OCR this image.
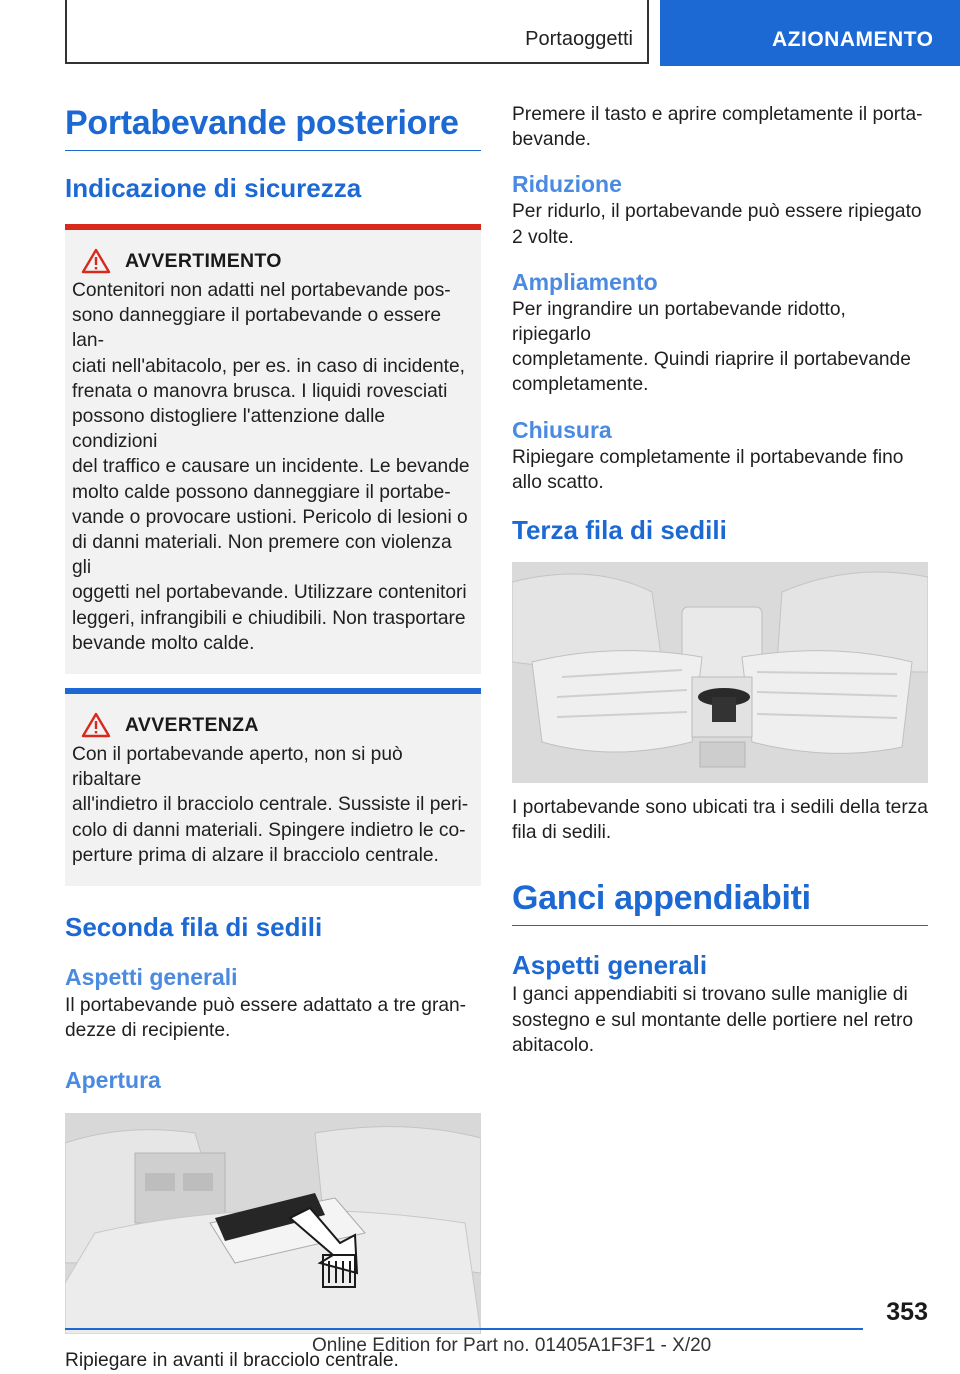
Portaoggetti	AZIONAMENTO
Portabevande posteriore
Indicazione di sicurezza
AVVERTIMENTO

Contenitori non adatti nel portabevande pos-
sono danneggiare il portabevande o essere lan-
ciati nell'abitacolo, per es. in caso di incidente,
frenata o manovra brusca. I liquidi rovesciati
possono distogliere l'attenzione dalle condizioni
del traffico e causare un incidente. Le bevande
molto calde possono danneggiare il portabe-
vande o provocare ustioni. Pericolo di lesioni o
di danni materiali. Non premere con violenza gli
oggetti nel portabevande. Utilizzare contenitori
leggeri, infrangibili e chiudibili. Non trasportare
bevande molto calde.

AVVERTENZA

Con il portabevande aperto, non si può ribaltare
all'indietro il bracciolo centrale. Sussiste il peri-
colo di danni materiali. Spingere indietro le co-
perture prima di alzare il bracciolo centrale.

Seconda fila di sedili
Aspetti generali

Il portabevande può essere adattato a tre gran-
dezze di recipiente.

Apertura

Ripiegare in avanti il bracciolo centrale.

Premere il tasto e aprire completamente il porta-
bevande.

Riduzione

Per ridurlo, il portabevande può essere ripiegato
2 volte.

Ampliamento

Per ingrandire un portabevande ridotto, ripiegarlo
completamente. Quindi riaprire il portabevande
completamente.

Chiusura

Ripiegare completamente il portabevande fino
allo scatto.

Terza fila di sedili

I portabevande sono ubicati tra i sedili della terza
fila di sedili.

Ganci appendiabiti
Aspetti generali

I ganci appendiabiti si trovano sulle maniglie di
sostegno e sul montante delle portiere nel retro
abitacolo.

353
Online Edition for Part no. 01405A1F3F1 - X/20
